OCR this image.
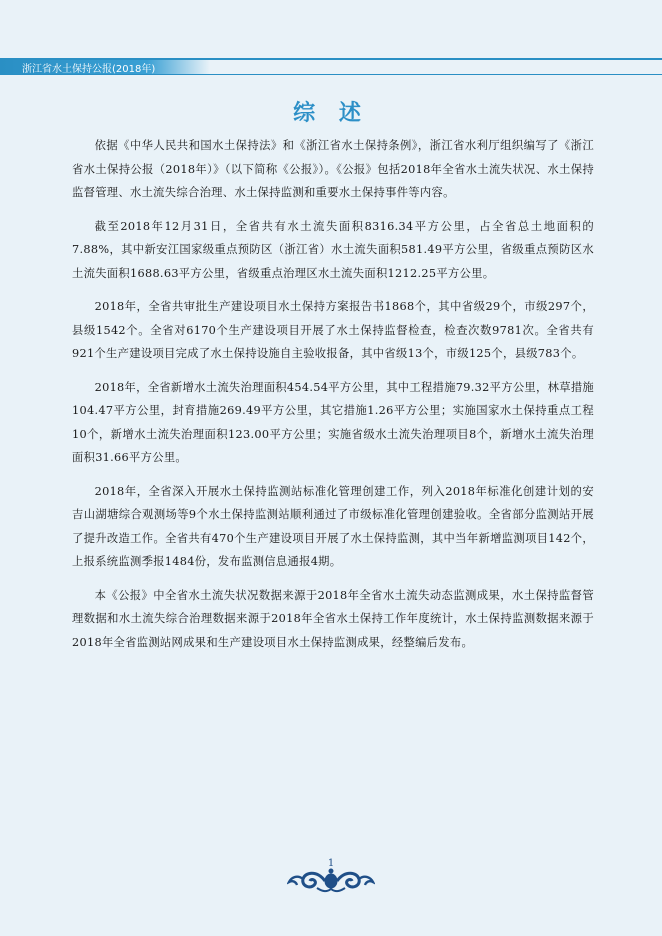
浙江省水土保持公报(2018年)
综 述

依据《中华人民共和国水土保持法》和《浙江省水土保持条例》，浙江省水利厅组织编写了《浙江省水土保持公报（2018年）》（以下简称《公报》）。《公报》包括2018年全省水土流失状况、水土保持监督管理、水土流失综合治理、水土保持监测和重要水土保持事件等内容。

截至2018年12月31日，全省共有水土流失面积8316.34平方公里，占全省总土地面积的7.88%，其中新安江国家级重点预防区（浙江省）水土流失面积581.49平方公里，省级重点预防区水土流失面积1688.63平方公里，省级重点治理区水土流失面积1212.25平方公里。

2018年，全省共审批生产建设项目水土保持方案报告书1868个，其中省级29个，市级297个，县级1542个。全省对6170个生产建设项目开展了水土保持监督检查，检查次数9781次。全省共有921个生产建设项目完成了水土保持设施自主验收报备，其中省级13个，市级125个，县级783个。

2018年，全省新增水土流失治理面积454.54平方公里，其中工程措施79.32平方公里，林草措施104.47平方公里，封育措施269.49平方公里，其它措施1.26平方公里；实施国家水土保持重点工程10个，新增水土流失治理面积123.00平方公里；实施省级水土流失治理项目8个，新增水土流失治理面积31.66平方公里。

2018年，全省深入开展水土保持监测站标准化管理创建工作，列入2018年标准化创建计划的安吉山湖塘综合观测场等9个水土保持监测站顺利通过了市级标准化管理创建验收。全省部分监测站开展了提升改造工作。全省共有470个生产建设项目开展了水土保持监测，其中当年新增监测项目142个，上报系统监测季报1484份，发布监测信息通报4期。

本《公报》中全省水土流失状况数据来源于2018年全省水土流失动态监测成果，水土保持监督管理数据和水土流失综合治理数据来源于2018年全省水土保持工作年度统计，水土保持监测数据来源于2018年全省监测站网成果和生产建设项目水土保持监测成果，经整编后发布。

1
